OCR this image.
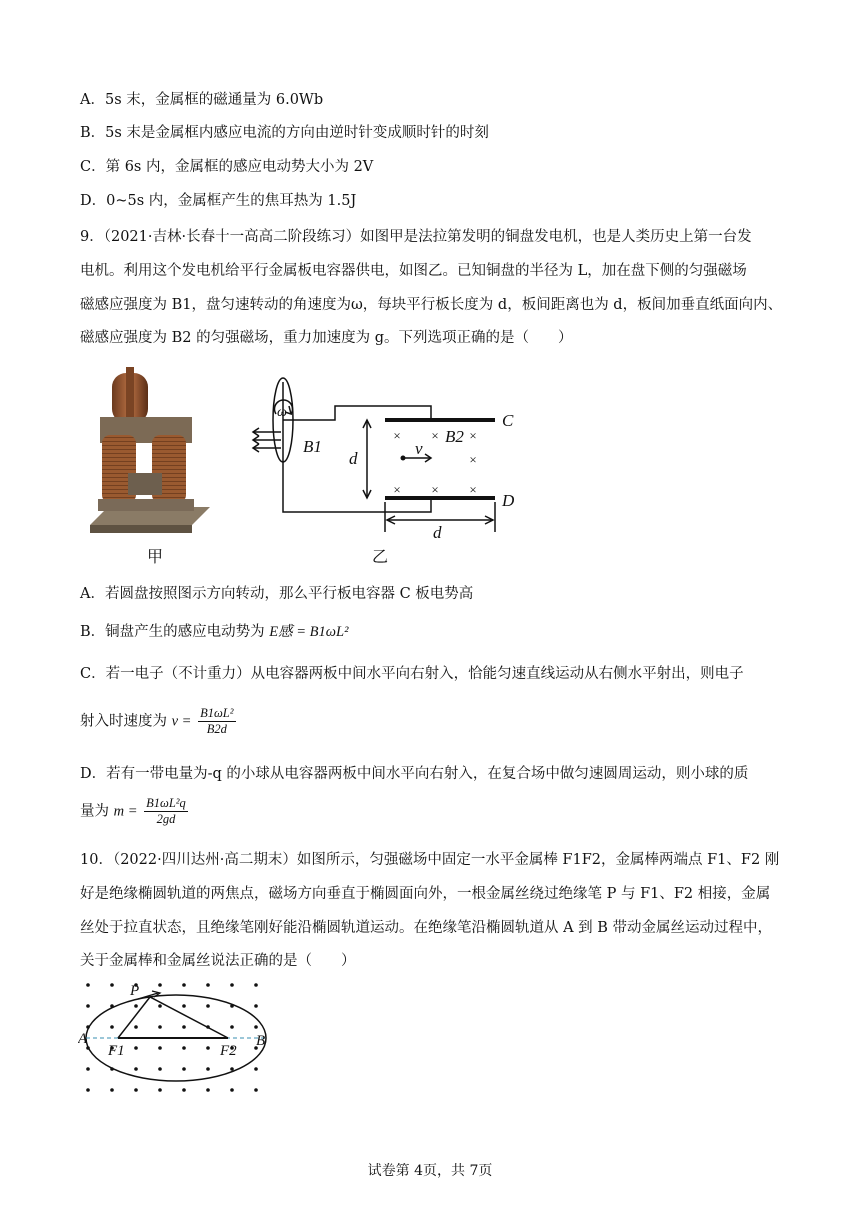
A．5s 末，金属框的磁通量为 6.0Wb
B．5s 末是金属框内感应电流的方向由逆时针变成顺时针的时刻
C．第 6s 内，金属框的感应电动势大小为 2V
D．0~5s 内，金属框产生的焦耳热为 1.5J
9．（2021·吉林·长春十一高高二阶段练习）如图甲是法拉第发明的铜盘发电机，也是人类历史上第一台发
电机。利用这个发电机给平行金属板电容器供电，如图乙。已知铜盘的半径为 L，加在盘下侧的匀强磁场
磁感应强度为 B1，盘匀速转动的角速度为ω，每块平行板长度为 d，板间距离也为 d，板间加垂直纸面向内、
磁感应强度为 B2 的匀强磁场，重力加速度为 g。下列选项正确的是（　　）
甲
× × ×
×
× × ×
ω
B1
B2
C
D
d
d
v
乙
A．若圆盘按照图示方向转动，那么平行板电容器 C 板电势高
B．铜盘产生的感应电动势为 E感 = B1ωL²
C．若一电子（不计重力）从电容器两板中间水平向右射入，恰能匀速直线运动从右侧水平射出，则电子
射入时速度为 $v = \frac{\text{B1ωL²}}{B2d}$
D．若有一带电量为-q 的小球从电容器两板中间水平向右射入，在复合场中做匀速圆周运动，则小球的质
量为 $m = \frac{\text{B1ωL²q}}{2gd}$
10．（2022·四川达州·高二期末）如图所示，匀强磁场中固定一水平金属棒 F1F2，金属棒两端点 F1、F2 刚
好是绝缘椭圆轨道的两焦点，磁场方向垂直于椭圆面向外，一根金属丝绕过绝缘笔 P 与 F1、F2 相接，金属
丝处于拉直状态，且绝缘笔刚好能沿椭圆轨道运动。在绝缘笔沿椭圆轨道从 A 到 B 带动金属丝运动过程中，
关于金属棒和金属丝说法正确的是（　　）
P
A	B
F1	F2
试卷第 4页，共 7页
